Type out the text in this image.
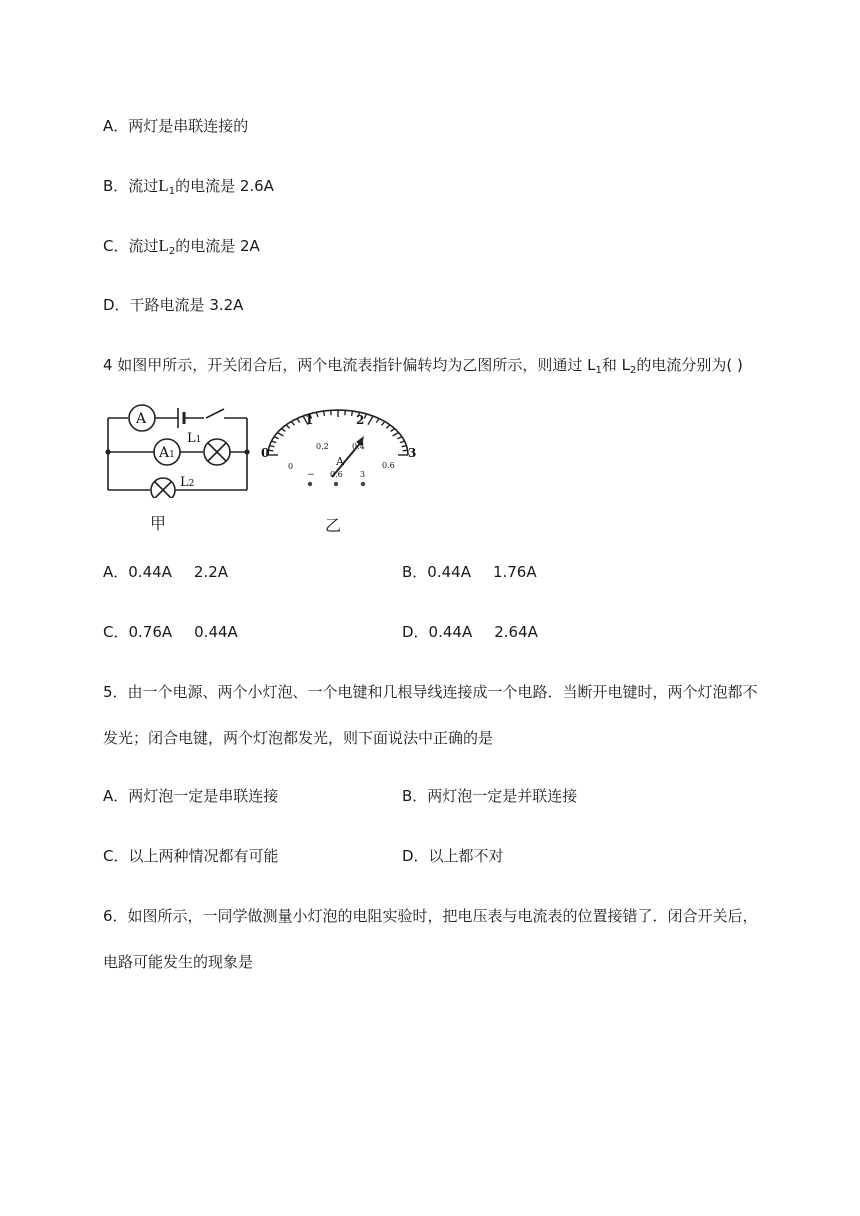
A．两灯是串联连接的
B．流过$L_1$的电流是 2.6A
C．流过$L_2$的电流是 2A
D．干路电流是 3.2A
4 如图甲所示，开关闭合后，两个电流表指针偏转均为乙图所示，则通过 $L_1$和 $L_2$的电流分别为( )
A
A1
L1
L2
甲
0
1	2
3
0
0.2	0.4
0.6
A
− 0.6 3
乙
A．0.44A 2.2A	B．0.44A 1.76A
C．0.76A 0.44A	D．0.44A 2.64A
5．由一个电源、两个小灯泡、一个电键和几根导线连接成一个电路．当断开电键时，两个灯泡都不
发光；闭合电键，两个灯泡都发光，则下面说法中正确的是
A．两灯泡一定是串联连接	B．两灯泡一定是并联连接
C．以上两种情况都有可能	D．以上都不对
6．如图所示，一同学做测量小灯泡的电阻实验时，把电压表与电流表的位置接错了．闭合开关后，
电路可能发生的现象是
